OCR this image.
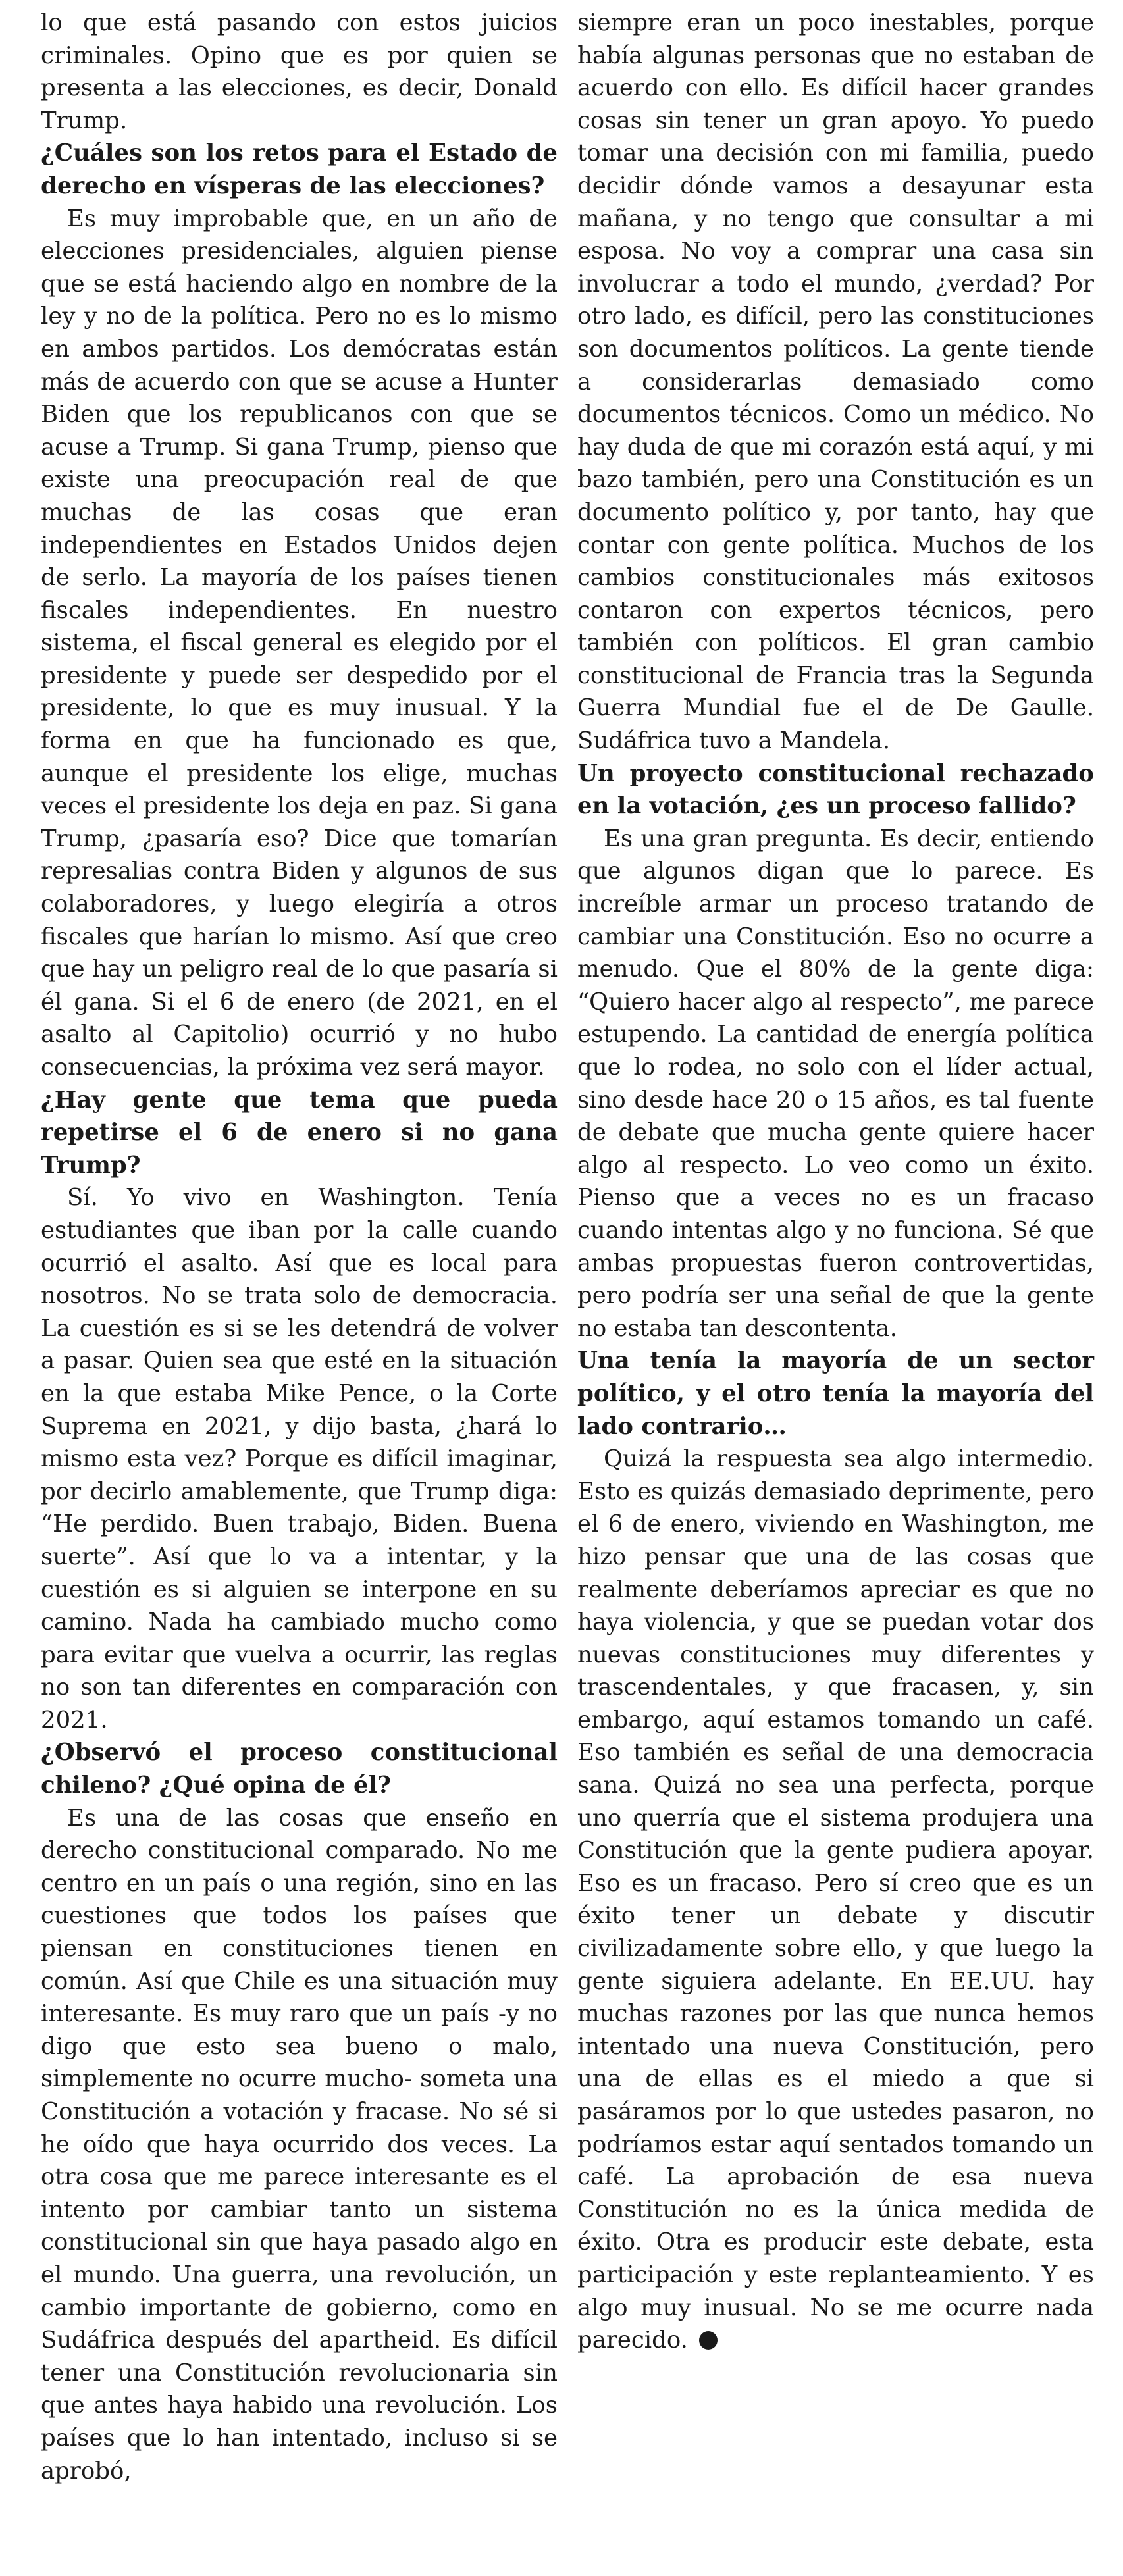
lo que está pasando con estos juicios criminales. Opino que es por quien se presenta a las elecciones, es decir, Donald Trump.

¿Cuáles son los retos para el Estado de derecho en vísperas de las elecciones?

Es muy improbable que, en un año de elecciones presidenciales, alguien piense que se está haciendo algo en nombre de la ley y no de la política. Pero no es lo mismo en ambos partidos. Los demócratas están más de acuerdo con que se acuse a Hunter Biden que los republicanos con que se acuse a Trump. Si gana Trump, pienso que existe una preocupación real de que muchas de las cosas que eran independientes en Estados Unidos dejen de serlo. La mayoría de los países tienen fiscales independientes. En nuestro sistema, el fiscal general es elegido por el presidente y puede ser despedido por el presidente, lo que es muy inusual. Y la forma en que ha funcionado es que, aunque el presidente los elige, muchas veces el presidente los deja en paz. Si gana Trump, ¿pasaría eso? Dice que tomarían represalias contra Biden y algunos de sus colaboradores, y luego elegiría a otros fiscales que harían lo mismo. Así que creo que hay un peligro real de lo que pasaría si él gana. Si el 6 de enero (de 2021, en el asalto al Capitolio) ocurrió y no hubo consecuencias, la próxima vez será mayor.

¿Hay gente que tema que pueda repetirse el 6 de enero si no gana Trump?

Sí. Yo vivo en Washington. Tenía estudiantes que iban por la calle cuando ocurrió el asalto. Así que es local para nosotros. No se trata solo de democracia. La cuestión es si se les detendrá de volver a pasar. Quien sea que esté en la situación en la que estaba Mike Pence, o la Corte Suprema en 2021, y dijo basta, ¿hará lo mismo esta vez? Porque es difícil imaginar, por decirlo amablemente, que Trump diga: “He perdido. Buen trabajo, Biden. Buena suerte”. Así que lo va a intentar, y la cuestión es si alguien se interpone en su camino. Nada ha cambiado mucho como para evitar que vuelva a ocurrir, las reglas no son tan diferentes en comparación con 2021.

¿Observó el proceso constitucional chileno? ¿Qué opina de él?

Es una de las cosas que enseño en derecho constitucional comparado. No me centro en un país o una región, sino en las cuestiones que todos los países que piensan en constituciones tienen en común. Así que Chile es una situación muy interesante. Es muy raro que un país -y no digo que esto sea bueno o malo, simplemente no ocurre mucho- someta una Constitución a votación y fracase. No sé si he oído que haya ocurrido dos veces. La otra cosa que me parece interesante es el intento por cambiar tanto un sistema constitucional sin que haya pasado algo en el mundo. Una guerra, una revolución, un cambio importante de gobierno, como en Sudáfrica después del apartheid. Es difícil tener una Constitución revolucionaria sin que antes haya habido una revolución. Los países que lo han intentado, incluso si se aprobó,

siempre eran un poco inestables, porque había algunas personas que no estaban de acuerdo con ello. Es difícil hacer grandes cosas sin tener un gran apoyo. Yo puedo tomar una decisión con mi familia, puedo decidir dónde vamos a desayunar esta mañana, y no tengo que consultar a mi esposa. No voy a comprar una casa sin involucrar a todo el mundo, ¿verdad? Por otro lado, es difícil, pero las constituciones son documentos políticos. La gente tiende a considerarlas demasiado como documentos técnicos. Como un médico. No hay duda de que mi corazón está aquí, y mi bazo también, pero una Constitución es un documento político y, por tanto, hay que contar con gente política. Muchos de los cambios constitucionales más exitosos contaron con expertos técnicos, pero también con políticos. El gran cambio constitucional de Francia tras la Segunda Guerra Mundial fue el de De Gaulle. Sudáfrica tuvo a Mandela.

Un proyecto constitucional rechazado en la votación, ¿es un proceso fallido?

Es una gran pregunta. Es decir, entiendo que algunos digan que lo parece. Es increíble armar un proceso tratando de cambiar una Constitución. Eso no ocurre a menudo. Que el 80% de la gente diga: “Quiero hacer algo al respecto”, me parece estupendo. La cantidad de energía política que lo rodea, no solo con el líder actual, sino desde hace 20 o 15 años, es tal fuente de debate que mucha gente quiere hacer algo al respecto. Lo veo como un éxito. Pienso que a veces no es un fracaso cuando intentas algo y no funciona. Sé que ambas propuestas fueron controvertidas, pero podría ser una señal de que la gente no estaba tan descontenta.

Una tenía la mayoría de un sector político, y el otro tenía la mayoría del lado contrario…

Quizá la respuesta sea algo intermedio. Esto es quizás demasiado deprimente, pero el 6 de enero, viviendo en Washington, me hizo pensar que una de las cosas que realmente deberíamos apreciar es que no haya violencia, y que se puedan votar dos nuevas constituciones muy diferentes y trascendentales, y que fracasen, y, sin embargo, aquí estamos tomando un café. Eso también es señal de una democracia sana. Quizá no sea una perfecta, porque uno querría que el sistema produjera una Constitución que la gente pudiera apoyar. Eso es un fracaso. Pero sí creo que es un éxito tener un debate y discutir civilizadamente sobre ello, y que luego la gente siguiera adelante. En EE.UU. hay muchas razones por las que nunca hemos intentado una nueva Constitución, pero una de ellas es el miedo a que si pasáramos por lo que ustedes pasaron, no podríamos estar aquí sentados tomando un café. La aprobación de esa nueva Constitución no es la única medida de éxito. Otra es producir este debate, esta participación y este replanteamiento. Y es algo muy inusual. No se me ocurre nada parecido.
